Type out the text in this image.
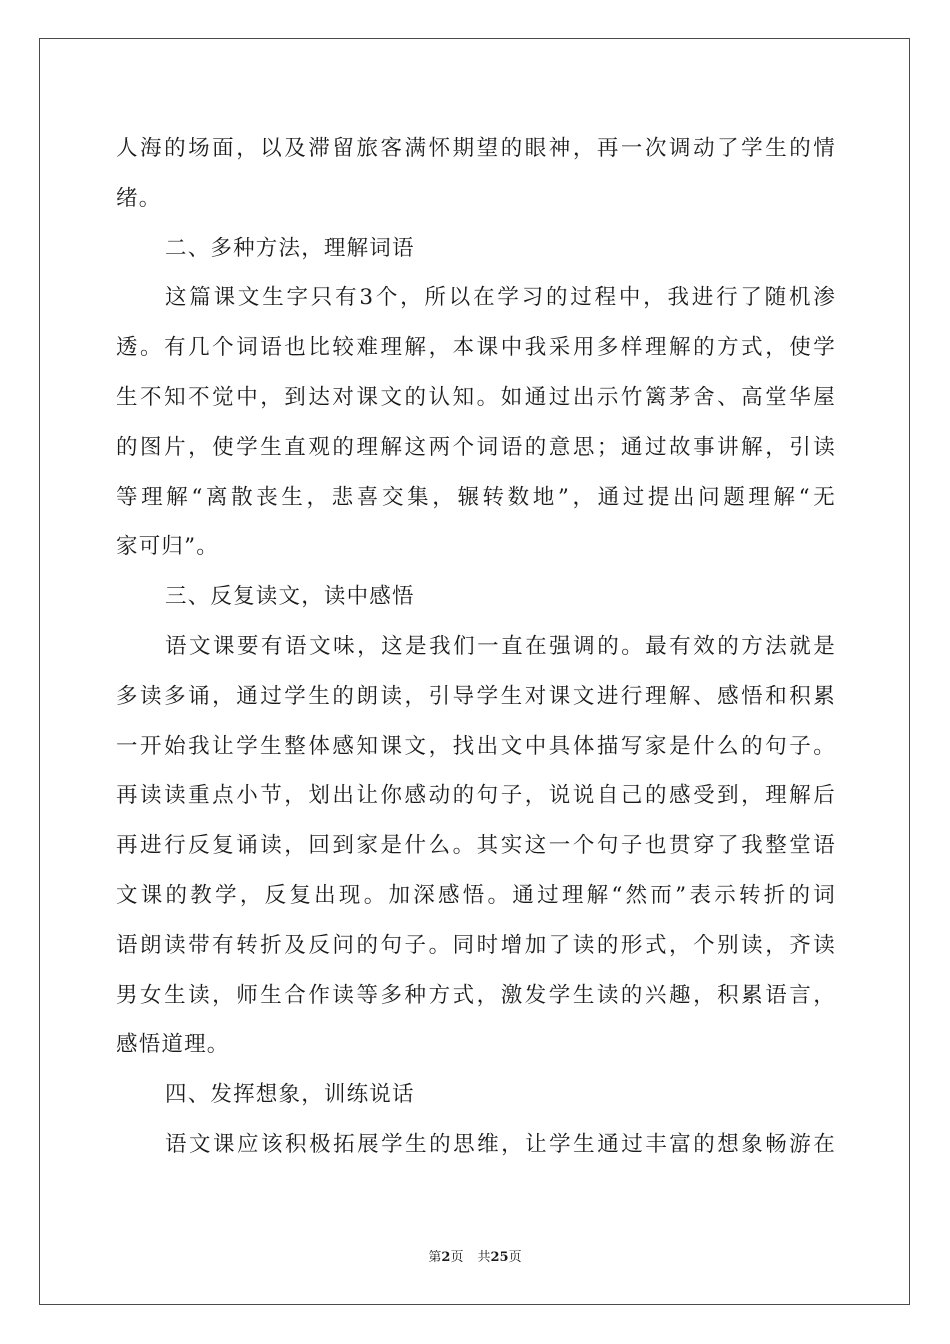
人海的场面，以及滞留旅客满怀期望的眼神，再一次调动了学生的情
绪。
二、多种方法，理解词语
这篇课文生字只有3个，所以在学习的过程中，我进行了随机渗
透。有几个词语也比较难理解，本课中我采用多样理解的方式，使学
生不知不觉中，到达对课文的认知。如通过出示竹篱茅舍、高堂华屋
的图片，使学生直观的理解这两个词语的意思；通过故事讲解，引读
等理解“离散丧生，悲喜交集，辗转数地”，通过提出问题理解“无
家可归”。
三、反复读文，读中感悟
语文课要有语文味，这是我们一直在强调的。最有效的方法就是
多读多诵，通过学生的朗读，引导学生对课文进行理解、感悟和积累
一开始我让学生整体感知课文，找出文中具体描写家是什么的句子。
再读读重点小节，划出让你感动的句子，说说自己的感受到，理解后
再进行反复诵读，回到家是什么。其实这一个句子也贯穿了我整堂语
文课的教学，反复出现。加深感悟。通过理解“然而”表示转折的词
语朗读带有转折及反问的句子。同时增加了读的形式，个别读，齐读
男女生读，师生合作读等多种方式，激发学生读的兴趣，积累语言，
感悟道理。
四、发挥想象，训练说话
语文课应该积极拓展学生的思维，让学生通过丰富的想象畅游在
第2页 共25页
